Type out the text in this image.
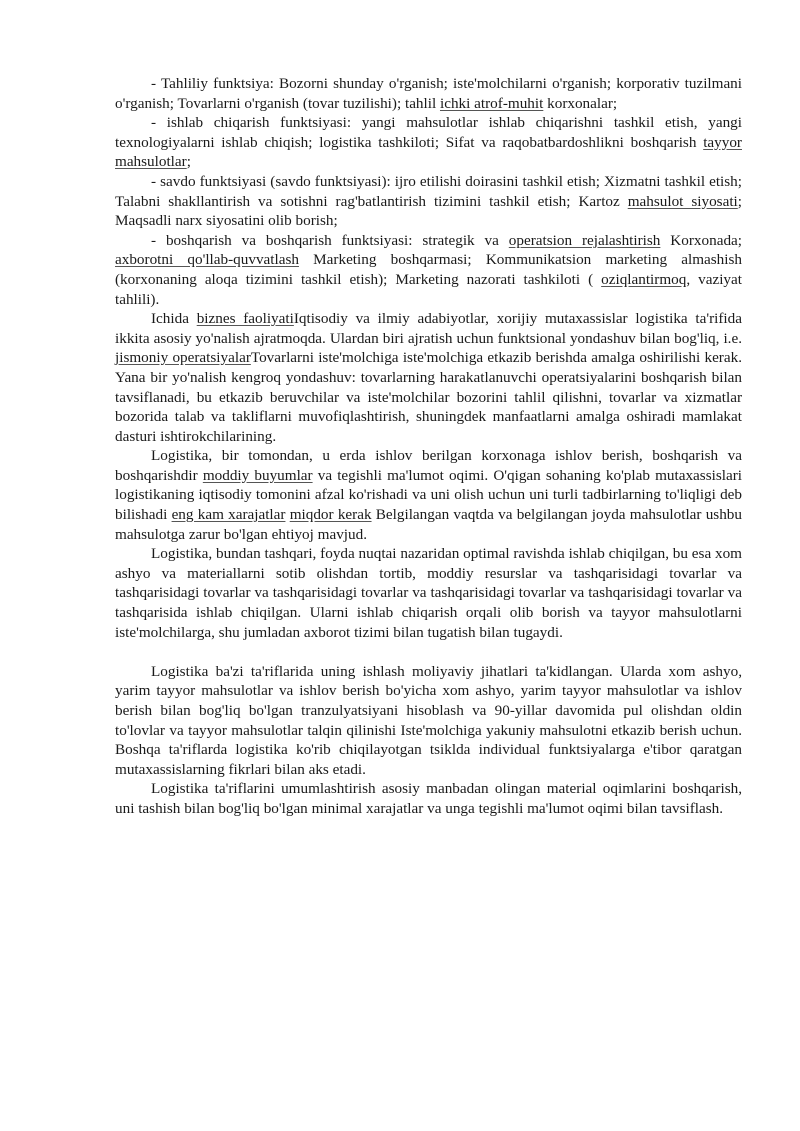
- Tahliliy funktsiya: Bozorni shunday o'rganish; iste'molchilarni o'rganish; korporativ tuzilmani o'rganish; Tovarlarni o'rganish (tovar tuzilishi); tahlil ichki atrof-muhit korxonalar;

- ishlab chiqarish funktsiyasi: yangi mahsulotlar ishlab chiqarishni tashkil etish, yangi texnologiyalarni ishlab chiqish; logistika tashkiloti; Sifat va raqobatbardoshlikni boshqarish tayyor mahsulotlar;

- savdo funktsiyasi (savdo funktsiyasi): ijro etilishi doirasini tashkil etish; Xizmatni tashkil etish; Talabni shakllantirish va sotishni rag'batlantirish tizimini tashkil etish; Kartoz mahsulot siyosati; Maqsadli narx siyosatini olib borish;

- boshqarish va boshqarish funktsiyasi: strategik va operatsion rejalashtirish Korxonada; axborotni qo'llab-quvvatlash Marketing boshqarmasi; Kommunikatsion marketing almashish (korxonaning aloqa tizimini tashkil etish); Marketing nazorati tashkiloti ( oziqlantirmoq, vaziyat tahlili).

Ichida biznes faoliyatiIqtisodiy va ilmiy adabiyotlar, xorijiy mutaxassislar logistika ta'rifida ikkita asosiy yo'nalish ajratmoqda. Ulardan biri ajratish uchun funktsional yondashuv bilan bog'liq, i.e. jismoniy operatsiyalarTovarlarni iste'molchiga iste'molchiga etkazib berishda amalga oshirilishi kerak. Yana bir yo'nalish kengroq yondashuv: tovarlarning harakatlanuvchi operatsiyalarini boshqarish bilan tavsiflanadi, bu etkazib beruvchilar va iste'molchilar bozorini tahlil qilishni, tovarlar va xizmatlar bozorida talab va takliflarni muvofiqlashtirish, shuningdek manfaatlarni amalga oshiradi mamlakat dasturi ishtirokchilarining.

Logistika, bir tomondan, u erda ishlov berilgan korxonaga ishlov berish, boshqarish va boshqarishdir moddiy buyumlar va tegishli ma'lumot oqimi. O'qigan sohaning ko'plab mutaxassislari logistikaning iqtisodiy tomonini afzal ko'rishadi va uni olish uchun uni turli tadbirlarning to'liqligi deb bilishadi eng kam xarajatlar miqdor kerak Belgilangan vaqtda va belgilangan joyda mahsulotlar ushbu mahsulotga zarur bo'lgan ehtiyoj mavjud.

Logistika, bundan tashqari, foyda nuqtai nazaridan optimal ravishda ishlab chiqilgan, bu esa xom ashyo va materiallarni sotib olishdan tortib, moddiy resurslar va tashqarisidagi tovarlar va tashqarisidagi tovarlar va tashqarisidagi tovarlar va tashqarisidagi tovarlar va tashqarisidagi tovarlar va tashqarisida ishlab chiqilgan. Ularni ishlab chiqarish orqali olib borish va tayyor mahsulotlarni iste'molchilarga, shu jumladan axborot tizimi bilan tugatish bilan tugaydi.

Logistika ba'zi ta'riflarida uning ishlash moliyaviy jihatlari ta'kidlangan. Ularda xom ashyo, yarim tayyor mahsulotlar va ishlov berish bo'yicha xom ashyo, yarim tayyor mahsulotlar va ishlov berish bilan bog'liq bo'lgan tranzulyatsiyani hisoblash va 90-yillar davomida pul olishdan oldin to'lovlar va tayyor mahsulotlar talqin qilinishi Iste'molchiga yakuniy mahsulotni etkazib berish uchun. Boshqa ta'riflarda logistika ko'rib chiqilayotgan tsiklda individual funktsiyalarga e'tibor qaratgan mutaxassislarning fikrlari bilan aks etadi.

Logistika ta'riflarini umumlashtirish asosiy manbadan olingan material oqimlarini boshqarish, uni tashish bilan bog'liq bo'lgan minimal xarajatlar va unga tegishli ma'lumot oqimi bilan tavsiflash.
